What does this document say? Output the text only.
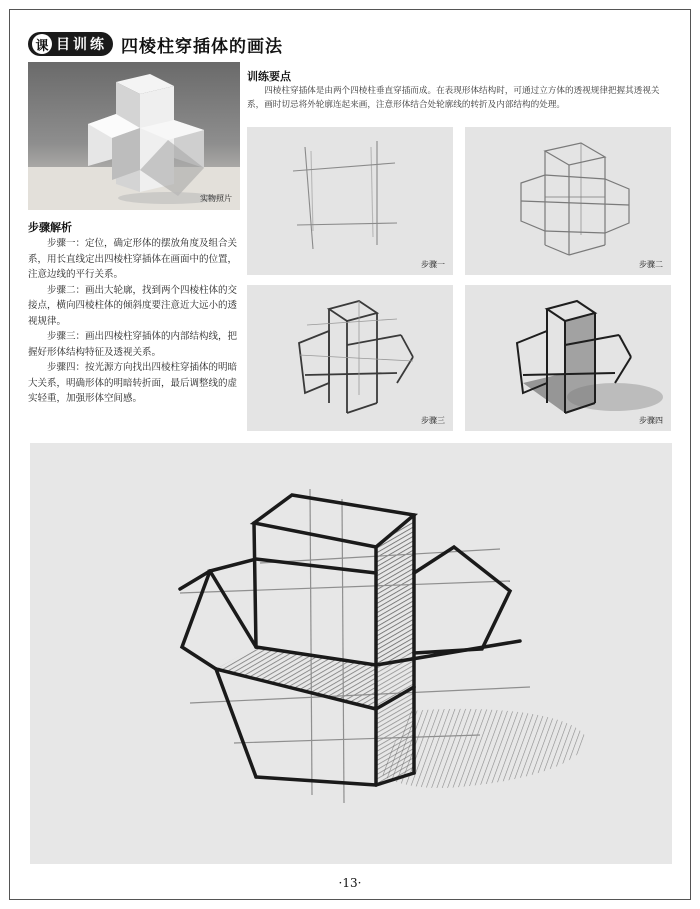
课 目 训 练 四棱柱穿插体的画法
实物照片
步骤解析

步骤一：定位，确定形体的摆放角度及组合关系，用长直线定出四棱柱穿插体在画面中的位置，注意边线的平行关系。

步骤二：画出大轮廓，找到两个四棱柱体的交接点，横向四棱柱体的倾斜度要注意近大远小的透视规律。

步骤三：画出四棱柱穿插体的内部结构线，把握好形体结构特征及透视关系。

步骤四：按光源方向找出四棱柱穿插体的明暗大关系，明确形体的明暗转折面，最后调整线的虚实轻重，加强形体空间感。

训练要点

四棱柱穿插体是由两个四棱柱垂直穿插而成。在表现形体结构时，可通过立方体的透视规律把握其透视关系，画时切忌将外轮廓连起来画，注意形体结合处轮廓线的转折及内部结构的处理。

步骤一	步骤二
步骤三	步骤四
·13·
